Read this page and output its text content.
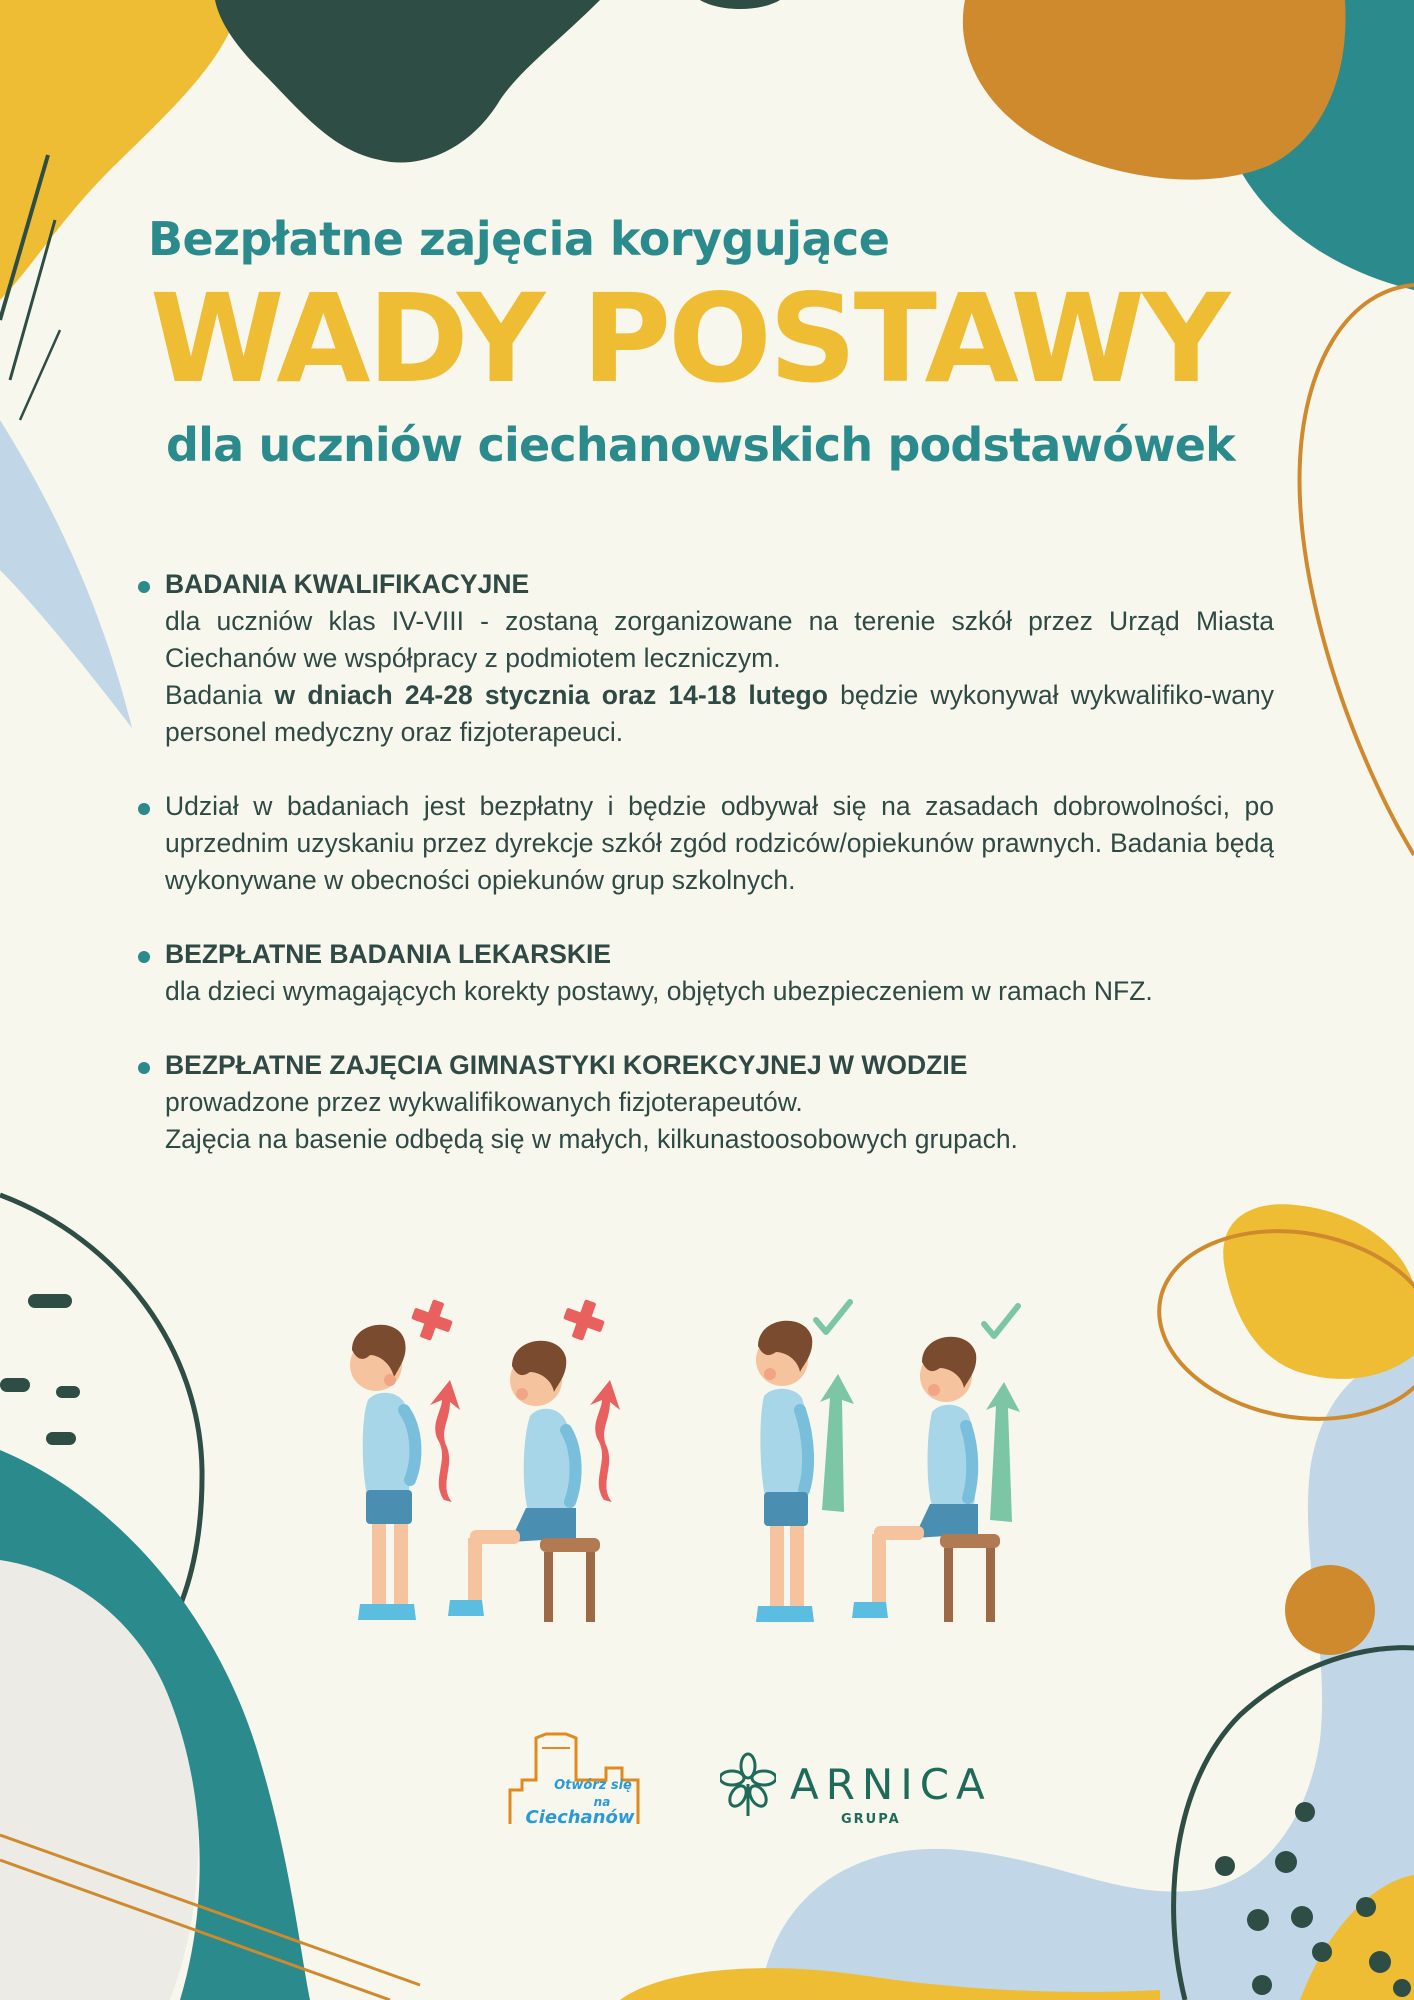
Bezpłatne zajęcia korygujące
WADY POSTAWY
dla uczniów ciechanowskich podstawówek
BADANIA KWALIFIKACYJNE
dla uczniów klas IV-VIII - zostaną zorganizowane na terenie szkół przez Urząd Miasta Ciechanów we współpracy z podmiotem leczniczym.
Badania w dniach 24-28 stycznia oraz 14-18 lutego będzie wykonywał wykwalifiko-wany personel medyczny oraz fizjoterapeuci.
Udział w badaniach jest bezpłatny i będzie odbywał się na zasadach dobrowolności, po uprzednim uzyskaniu przez dyrekcje szkół zgód rodziców/opiekunów prawnych. Badania będą wykonywane w obecności opiekunów grup szkolnych.
BEZPŁATNE BADANIA LEKARSKIE
dla dzieci wymagających korekty postawy, objętych ubezpieczeniem w ramach NFZ.
BEZPŁATNE ZAJĘCIA GIMNASTYKI KOREKCYJNEJ W WODZIE
prowadzone przez wykwalifikowanych fizjoterapeutów.
Zajęcia na basenie odbędą się w małych, kilkunastoosobowych grupach.
Otwórz się
na
Ciechanów
ARNICA
GRUPA
